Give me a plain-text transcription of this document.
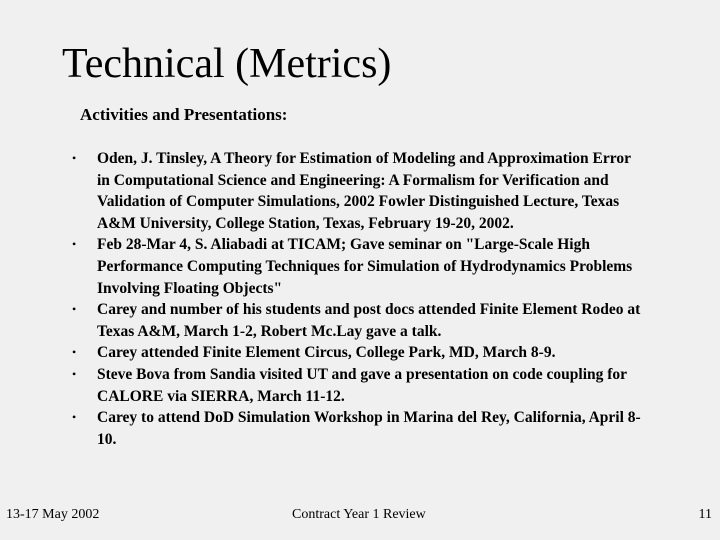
Technical (Metrics)
Activities and Presentations:
• Oden, J. Tinsley, A Theory for Estimation of Modeling and Approximation Error in Computational Science and Engineering: A Formalism for Verification and Validation of Computer Simulations, 2002 Fowler Distinguished Lecture, Texas A&M University, College Station, Texas, February 19-20, 2002.
• Feb 28-Mar 4, S. Aliabadi at TICAM; Gave seminar on "Large-Scale High Performance Computing Techniques for Simulation of Hydrodynamics Problems Involving Floating Objects"
• Carey and number of his students and post docs attended Finite Element Rodeo at Texas A&M, March 1-2, Robert Mc.Lay gave a talk.
• Carey attended Finite Element Circus, College Park, MD, March 8-9.
• Steve Bova from Sandia visited UT and gave a presentation on code coupling for CALORE via SIERRA, March 11-12.
• Carey to attend DoD Simulation Workshop in Marina del Rey, California, April 8-10.
13-17 May 2002	Contract Year 1 Review	11
